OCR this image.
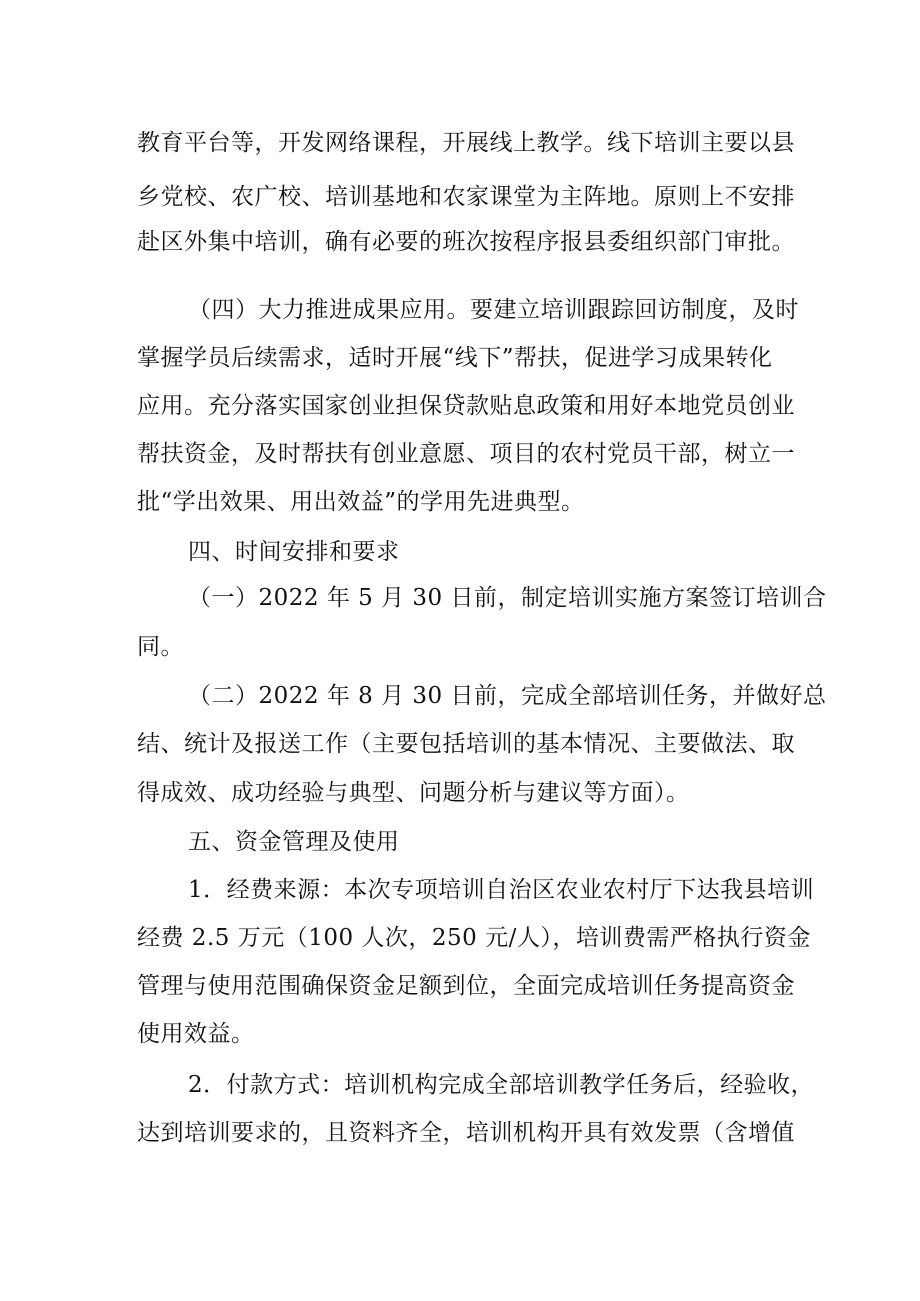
教育平台等，开发网络课程，开展线上教学。线下培训主要以县
乡党校、农广校、培训基地和农家课堂为主阵地。原则上不安排
赴区外集中培训，确有必要的班次按程序报县委组织部门审批。
（四）大力推进成果应用。要建立培训跟踪回访制度，及时
掌握学员后续需求，适时开展“线下”帮扶，促进学习成果转化
应用。充分落实国家创业担保贷款贴息政策和用好本地党员创业
帮扶资金，及时帮扶有创业意愿、项目的农村党员干部，树立一
批“学出效果、用出效益”的学用先进典型。
四、时间安排和要求
（一）2022 年 5 月 30 日前，制定培训实施方案签订培训合
同。
（二）2022 年 8 月 30 日前，完成全部培训任务，并做好总
结、统计及报送工作（主要包括培训的基本情况、主要做法、取
得成效、成功经验与典型、问题分析与建议等方面）。
五、资金管理及使用
1．经费来源：本次专项培训自治区农业农村厅下达我县培训
经费 2.5 万元（100 人次，250 元/人），培训费需严格执行资金
管理与使用范围确保资金足额到位，全面完成培训任务提高资金
使用效益。
2．付款方式：培训机构完成全部培训教学任务后，经验收，
达到培训要求的，且资料齐全，培训机构开具有效发票（含增值
